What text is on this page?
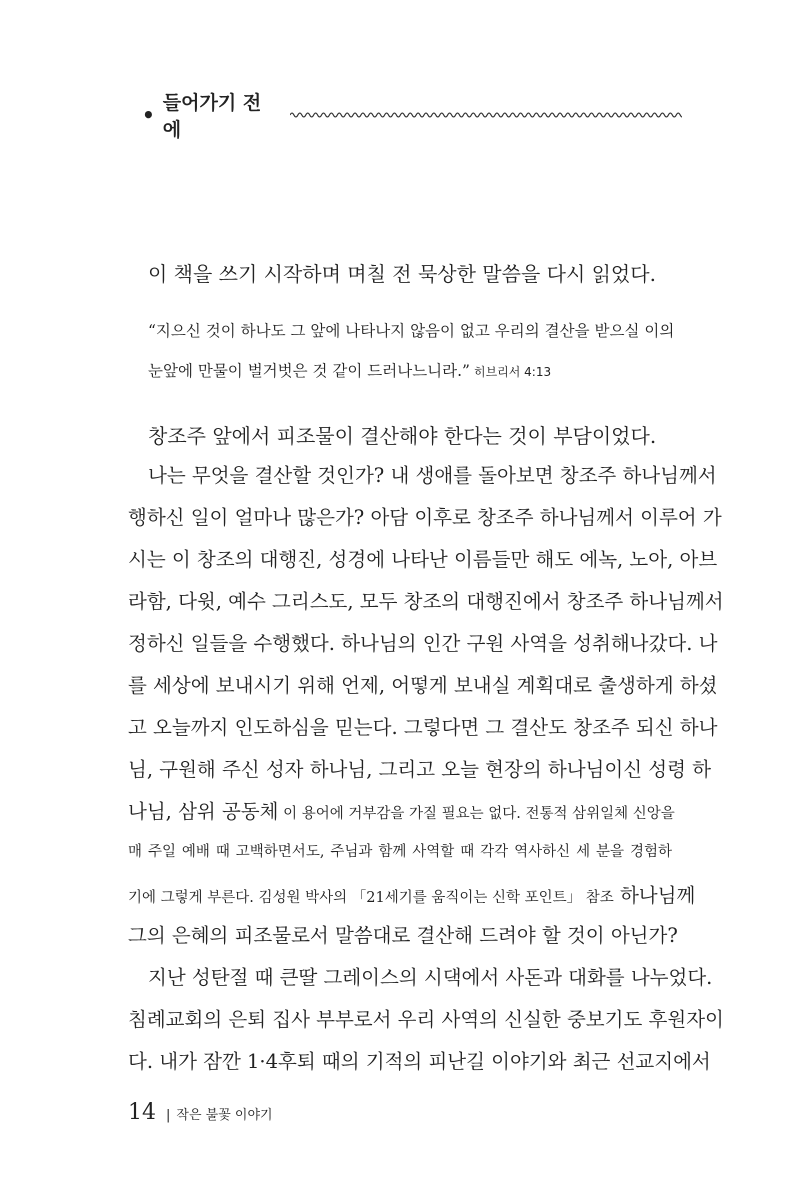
• 들어가기 전에
이 책을 쓰기 시작하며 며칠 전 묵상한 말씀을 다시 읽었다.
“지으신 것이 하나도 그 앞에 나타나지 않음이 없고 우리의 결산을 받으실 이의
눈앞에 만물이 벌거벗은 것 같이 드러나느니라.” 히브리서 4:13
창조주 앞에서 피조물이 결산해야 한다는 것이 부담이었다.
나는 무엇을 결산할 것인가? 내 생애를 돌아보면 창조주 하나님께서
행하신 일이 얼마나 많은가? 아담 이후로 창조주 하나님께서 이루어 가
시는 이 창조의 대행진, 성경에 나타난 이름들만 해도 에녹, 노아, 아브
라함, 다윗, 예수 그리스도, 모두 창조의 대행진에서 창조주 하나님께서
정하신 일들을 수행했다. 하나님의 인간 구원 사역을 성취해나갔다. 나
를 세상에 보내시기 위해 언제, 어떻게 보내실 계획대로 출생하게 하셨
고 오늘까지 인도하심을 믿는다. 그렇다면 그 결산도 창조주 되신 하나
님, 구원해 주신 성자 하나님, 그리고 오늘 현장의 하나님이신 성령 하
나님, 삼위 공동체 이 용어에 거부감을 가질 필요는 없다. 전통적 삼위일체 신앙을
매 주일 예배 때 고백하면서도, 주님과 함께 사역할 때 각각 역사하신 세 분을 경험하
기에 그렇게 부른다. 김성원 박사의 「21세기를 움직이는 신학 포인트」 참조 하나님께
그의 은혜의 피조물로서 말씀대로 결산해 드려야 할 것이 아닌가?
지난 성탄절 때 큰딸 그레이스의 시댁에서 사돈과 대화를 나누었다.
침례교회의 은퇴 집사 부부로서 우리 사역의 신실한 중보기도 후원자이
다. 내가 잠깐 1·4후퇴 때의 기적의 피난길 이야기와 최근 선교지에서
14 | 작은 불꽃 이야기
